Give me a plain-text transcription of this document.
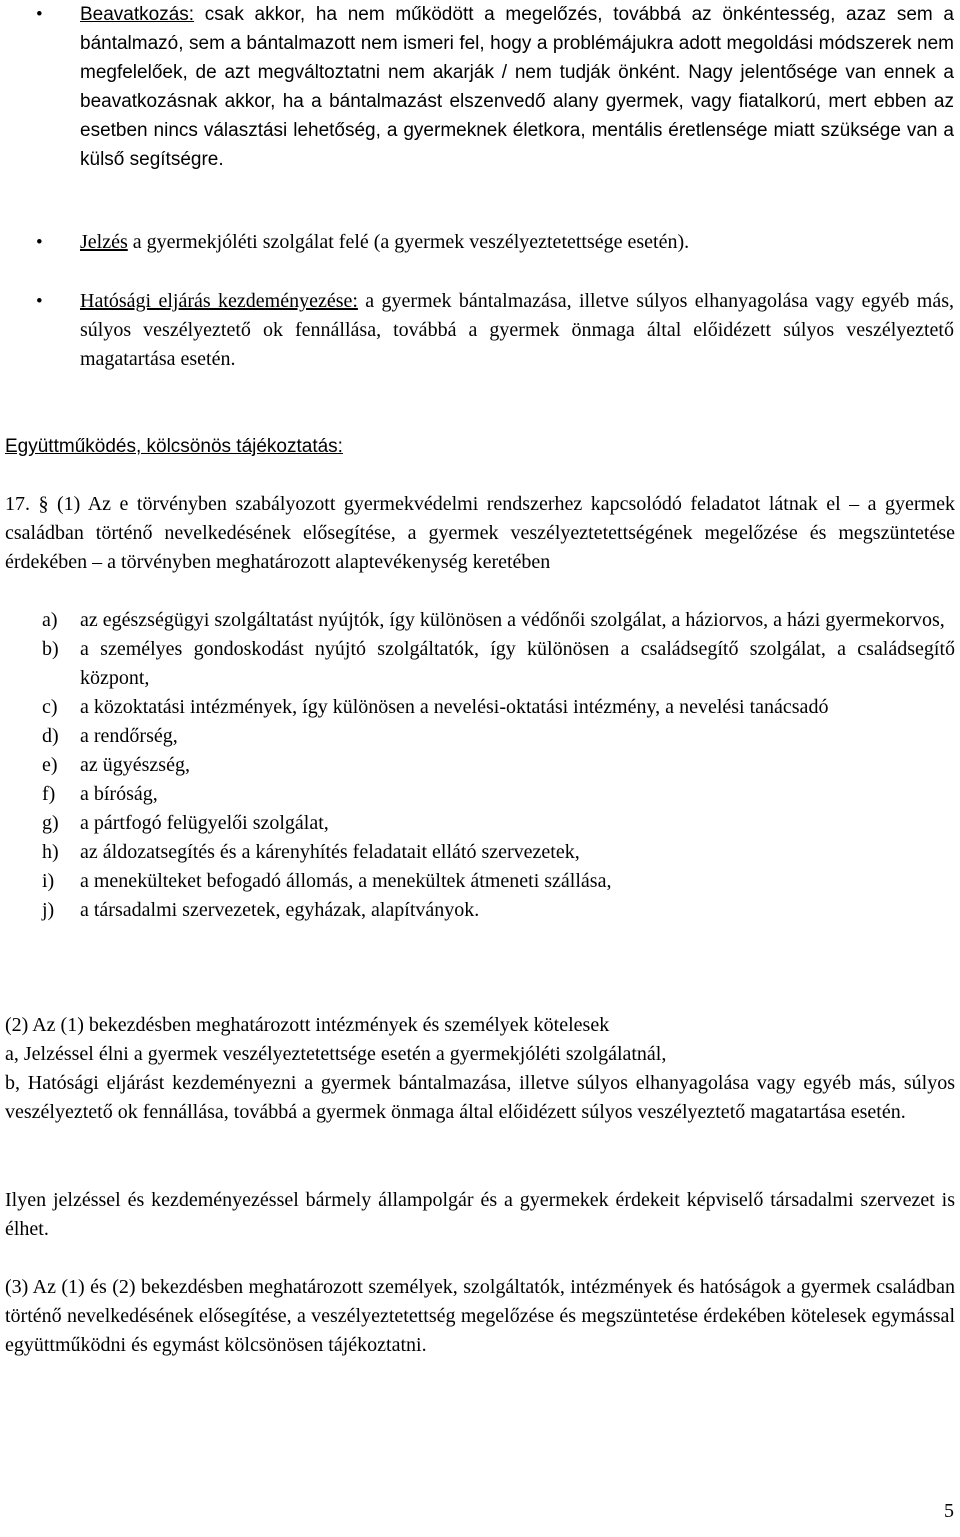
• Beavatkozás: csak akkor, ha nem működött a megelőzés, továbbá az önkéntesség, azaz sem a bántalmazó, sem a bántalmazott nem ismeri fel, hogy a problémájukra adott megoldási módszerek nem megfelelőek, de azt megváltoztatni nem akarják / nem tudják önként. Nagy jelentősége van ennek a beavatkozásnak akkor, ha a bántalmazást elszenvedő alany gyermek, vagy fiatalkorú, mert ebben az esetben nincs választási lehetőség, a gyermeknek életkora, mentális éretlensége miatt szüksége van a külső segítségre.
• Jelzés a gyermekjóléti szolgálat felé (a gyermek veszélyeztetettsége esetén).
• Hatósági eljárás kezdeményezése: a gyermek bántalmazása, illetve súlyos elhanyagolása vagy egyéb más, súlyos veszélyeztető ok fennállása, továbbá a gyermek önmaga által előidézett súlyos veszélyeztető magatartása esetén.
Együttműködés, kölcsönös tájékoztatás:
17. § (1) Az e törvényben szabályozott gyermekvédelmi rendszerhez kapcsolódó feladatot látnak el – a gyermek családban történő nevelkedésének elősegítése, a gyermek veszélyeztetettségének megelőzése és megszüntetése érdekében – a törvényben meghatározott alaptevékenység keretében
a) az egészségügyi szolgáltatást nyújtók, így különösen a védőnői szolgálat, a háziorvos, a házi gyermekorvos,
b) a személyes gondoskodást nyújtó szolgáltatók, így különösen a családsegítő szolgálat, a családsegítő központ,
c) a közoktatási intézmények, így különösen a nevelési-oktatási intézmény, a nevelési tanácsadó
d) a rendőrség,
e) az ügyészség,
f) a bíróság,
g) a pártfogó felügyelői szolgálat,
h) az áldozatsegítés és a kárenyhítés feladatait ellátó szervezetek,
i) a menekülteket befogadó állomás, a menekültek átmeneti szállása,
j) a társadalmi szervezetek, egyházak, alapítványok.
(2) Az (1) bekezdésben meghatározott intézmények és személyek kötelesek
a, Jelzéssel élni a gyermek veszélyeztetettsége esetén a gyermekjóléti szolgálatnál,
b, Hatósági eljárást kezdeményezni a gyermek bántalmazása, illetve súlyos elhanyagolása vagy egyéb más, súlyos veszélyeztető ok fennállása, továbbá a gyermek önmaga által előidézett súlyos veszélyeztető magatartása esetén.
Ilyen jelzéssel és kezdeményezéssel bármely állampolgár és a gyermekek érdekeit képviselő társadalmi szervezet is élhet.
(3) Az (1) és (2) bekezdésben meghatározott személyek, szolgáltatók, intézmények és hatóságok a gyermek családban történő nevelkedésének elősegítése, a veszélyeztetettség megelőzése és megszüntetése érdekében kötelesek egymással együttműködni és egymást kölcsönösen tájékoztatni.
5
